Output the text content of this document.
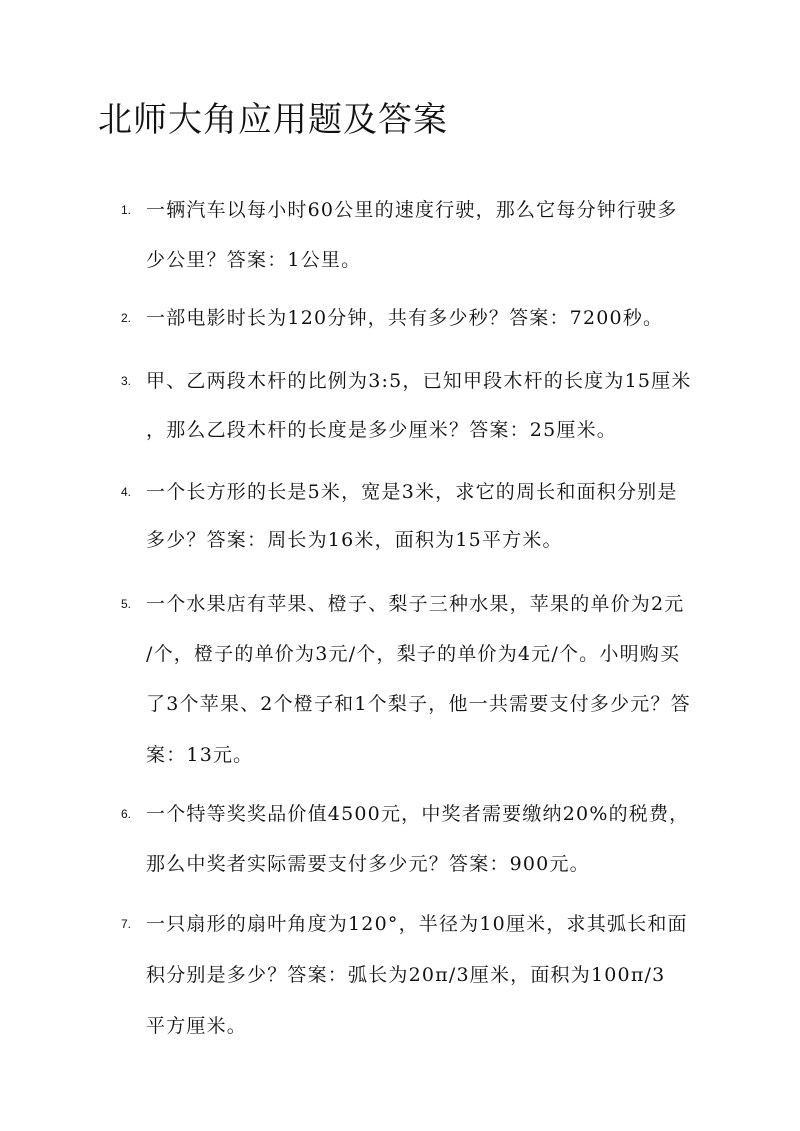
北师大角应用题及答案
1. 一辆汽车以每小时60公里的速度行驶，那么它每分钟行驶多
少公里？答案：1公里。
2. 一部电影时长为120分钟，共有多少秒？答案：7200秒。
3. 甲、乙两段木杆的比例为3:5，已知甲段木杆的长度为15厘米
，那么乙段木杆的长度是多少厘米？答案：25厘米。
4. 一个长方形的长是5米，宽是3米，求它的周长和面积分别是
多少？答案：周长为16米，面积为15平方米。
5. 一个水果店有苹果、橙子、梨子三种水果，苹果的单价为2元
/个，橙子的单价为3元/个，梨子的单价为4元/个。小明购买
了3个苹果、2个橙子和1个梨子，他一共需要支付多少元？答
案：13元。
6. 一个特等奖奖品价值4500元，中奖者需要缴纳20%的税费，
那么中奖者实际需要支付多少元？答案：900元。
7. 一只扇形的扇叶角度为120°，半径为10厘米，求其弧长和面
积分别是多少？答案：弧长为20π/3厘米，面积为100π/3
平方厘米。
